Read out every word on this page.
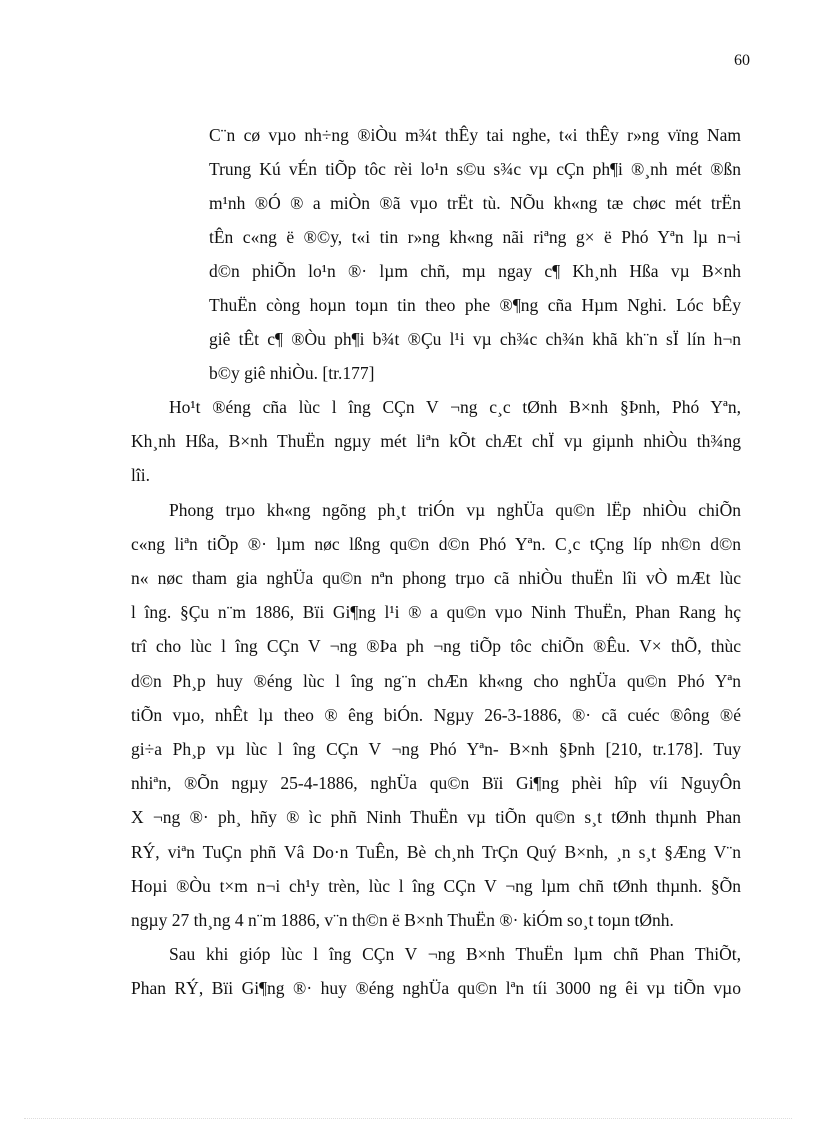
60
C¨n cø vµo nh÷ng ®iÒu m¾t thÊy tai nghe, t«i thÊy r»ng vïng Nam
Trung Kú vÉn tiÕp tôc rèi lo¹n s©u s¾c vµ cÇn ph¶i ®¸nh mét ®ßn
m¹nh ®Ó ® a miÒn ®ã vµo trËt tù. NÕu kh«ng tæ chøc mét trËn
tÊn c«ng ë ®©y, t«i tin r»ng kh«ng nãi riªng g× ë Phó Yªn lµ n¬i
d©n phiÕn lo¹n ®· lµm chñ, mµ ngay c¶ Kh¸nh Hßa vµ B×nh
ThuËn còng hoµn toµn tin theo phe ®¶ng cña Hµm Nghi. Lóc bÊy
giê tÊt c¶ ®Òu ph¶i b¾t ®Çu l¹i vµ ch¾c ch¾n khã kh¨n sÏ lín h¬n
b©y giê nhiÒu. [tr.177]
Ho¹t ®éng cña lùc l îng CÇn V ¬ng c¸c tØnh B×nh §Þnh, Phó Yªn,
Kh¸nh Hßa, B×nh ThuËn ngµy mét liªn kÕt chÆt chÏ vµ giµnh nhiÒu th¾ng
lîi.
Phong trµo kh«ng ngõng ph¸t triÓn vµ nghÜa qu©n lËp nhiÒu chiÕn
c«ng liªn tiÕp ®· lµm nøc lßng qu©n d©n Phó Yªn. C¸c tÇng líp nh©n d©n
n« nøc tham gia nghÜa qu©n nªn phong trµo cã nhiÒu thuËn lîi vÒ mÆt lùc
l îng. §Çu n¨m 1886, Bïi Gi¶ng l¹i ® a qu©n vµo Ninh ThuËn, Phan Rang hç
trî cho lùc l îng CÇn V ¬ng ®Þa ph ¬ng tiÕp tôc chiÕn ®Êu. V× thÕ, thùc
d©n Ph¸p huy ®éng lùc l îng ng¨n chÆn kh«ng cho nghÜa qu©n Phó Yªn
tiÕn vµo, nhÊt lµ theo ® êng biÓn. Ngµy 26-3-1886, ®· cã cuéc ®ông ®é
gi÷a Ph¸p vµ lùc l îng CÇn V ¬ng Phó Yªn- B×nh §Þnh [210, tr.178]. Tuy
nhiªn, ®Õn ngµy 25-4-1886, nghÜa qu©n Bïi Gi¶ng phèi hîp víi NguyÔn
X ¬ng ®· ph¸ hñy ® ìc phñ Ninh ThuËn vµ tiÕn qu©n s¸t tØnh thµnh Phan
RÝ, viªn TuÇn phñ Vâ Do·n TuÊn, Bè ch¸nh TrÇn Quý B×nh, ¸n s¸t §Æng V¨n
Hoµi ®Òu t×m n¬i ch¹y trèn, lùc l îng CÇn V ¬ng lµm chñ tØnh thµnh. §Õn
ngµy 27 th¸ng 4 n¨m 1886, v¨n th©n ë B×nh ThuËn ®· kiÓm so¸t toµn tØnh.
Sau khi gióp lùc l îng CÇn V ¬ng B×nh ThuËn lµm chñ Phan ThiÕt,
Phan RÝ, Bïi Gi¶ng ®· huy ®éng nghÜa qu©n lªn tíi 3000 ng êi vµ tiÕn vµo
